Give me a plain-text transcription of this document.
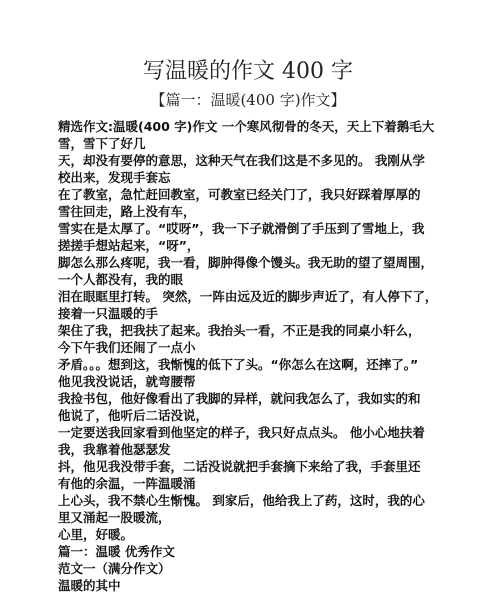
写温暖的作文 400 字
【篇一：温暖(400 字)作文】
精选作文:温暖(400 字)作文 一个寒风彻骨的冬天，天上下着鹅毛大
雪，雪下了好几
天，却没有要停的意思，这种天气在我们这是不多见的。 我刚从学
校出来，发现手套忘
在了教室，急忙赶回教室，可教室已经关门了，我只好踩着厚厚的
雪往回走，路上没有车，
雪实在是太厚了。“哎呀”，我一下子就滑倒了手压到了雪地上，我
搓搓手想站起来，“呀”，
脚怎么那么疼呢，我一看，脚肿得像个馒头。我无助的望了望周围，
一个人都没有，我的眼
泪在眼眶里打转。 突然，一阵由远及近的脚步声近了，有人停下了，
接着一只温暖的手
架住了我，把我扶了起来。我抬头一看，不正是我的同桌小轩么，
今下午我们还闹了一点小
矛盾。。。想到这，我惭愧的低下了头。“你怎么在这啊，还摔了。”
他见我没说话，就弯腰帮
我捡书包，他好像看出了我脚的异样，就问我怎么了，我如实的和
他说了，他听后二话没说，
一定要送我回家看到他坚定的样子，我只好点点头。 他小心地扶着
我，我靠着他瑟瑟发
抖，他见我没带手套，二话没说就把手套摘下来给了我，手套里还
有他的余温，一阵温暖涌
上心头，我不禁心生惭愧。 到家后，他给我上了药，这时，我的心
里又涌起一股暖流，
心里，好暖。
篇一：温暖 优秀作文
范文一（满分作文）
温暖的其中
